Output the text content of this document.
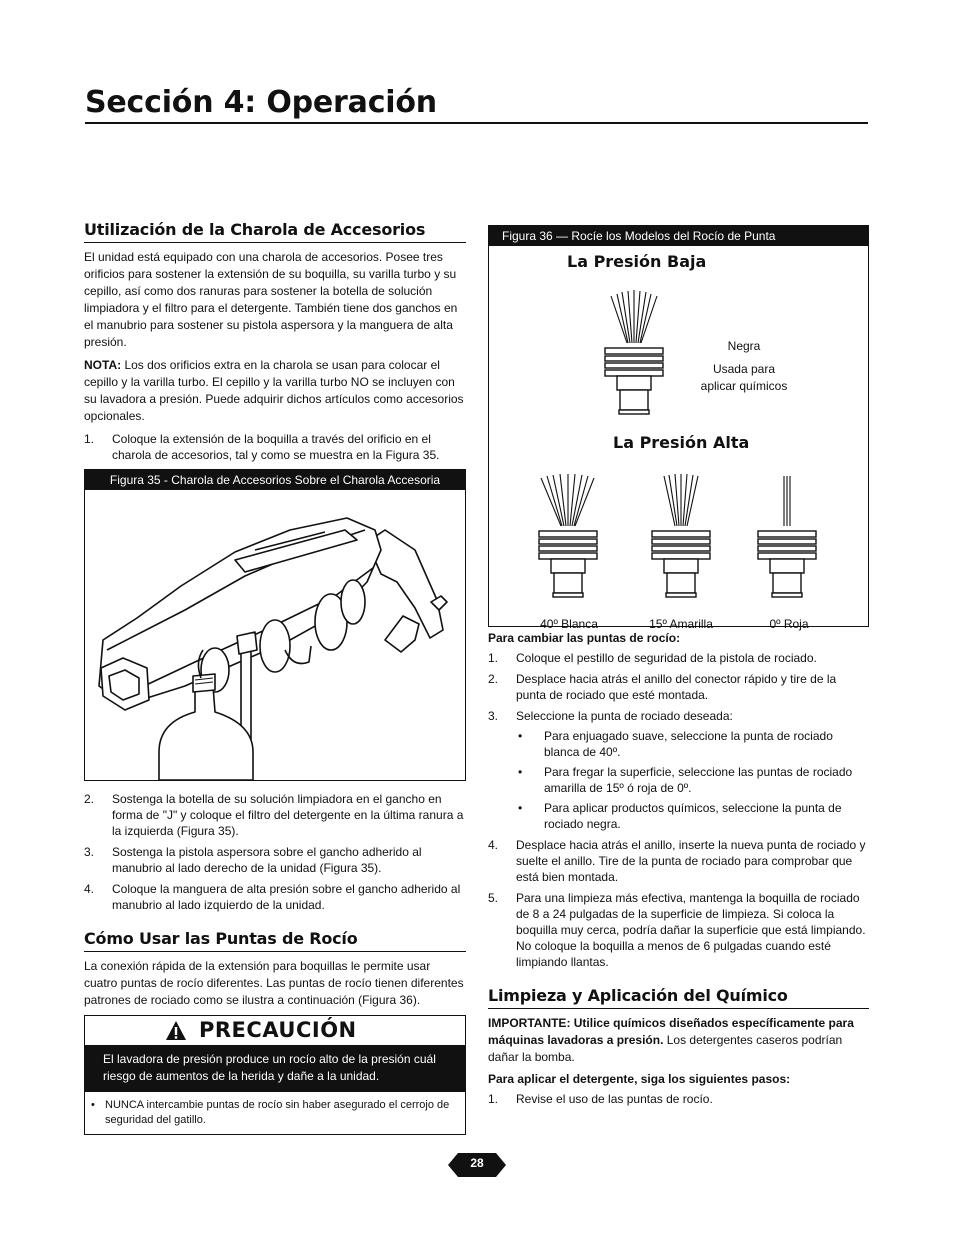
Sección 4: Operación
Utilización de la Charola de Accesorios

El unidad está equipado con una charola de accesorios. Posee tres orificios para sostener la extensión de su boquilla, su varilla turbo y su cepillo, así como dos ranuras para sostener la botella de solución limpiadora y el filtro para el detergente. También tiene dos ganchos en el manubrio para sostener su pistola aspersora y la manguera de alta presión.

NOTA: Los dos orificios extra en la charola se usan para colocar el cepillo y la varilla turbo. El cepillo y la varilla turbo NO se incluyen con su lavadora a presión. Puede adquirir dichos artículos como accesorios opcionales.

1. Coloque la extensión de la boquilla a través del orificio en el charola de accesorios, tal y como se muestra en la Figura 35.
Figura 35 - Charola de Accesorios Sobre el Charola Accesoria
2. Sostenga la botella de su solución limpiadora en el gancho en forma de "J" y coloque el filtro del detergente en la última ranura a la izquierda (Figura 35).
3. Sostenga la pistola aspersora sobre el gancho adherido al manubrio al lado derecho de la unidad (Figura 35).
4. Coloque la manguera de alta presión sobre el gancho adherido al manubrio al lado izquierdo de la unidad.
Cómo Usar las Puntas de Rocío

La conexión rápida de la extensión para boquillas le permite usar cuatro puntas de rocío diferentes. Las puntas de rocío tienen diferentes patrones de rociado como se ilustra a continuación (Figura 36).

PRECAUCIÓN
El lavadora de presión produce un rocío alto de la presión cuál riesgo de aumentos de la herida y dañe a la unidad.
• NUNCA intercambie puntas de rocío sin haber asegurado el cerrojo de seguridad del gatillo.
Figura 36 — Rocíe los Modelos del Rocío de Punta
La Presión Baja
Negra
Usada para
aplicar químicos
La Presión Alta
40º Blanca	15º Amarilla	0º Roja
Para cambiar las puntas de rocío:
1. Coloque el pestillo de seguridad de la pistola de rociado.
2. Desplace hacia atrás el anillo del conector rápido y tire de la punta de rociado que esté montada.
3. Seleccione la punta de rociado deseada:
• Para enjuagado suave, seleccione la punta de rociado blanca de 40º.
• Para fregar la superficie, seleccione las puntas de rociado amarilla de 15º ó roja de 0º.
• Para aplicar productos químicos, seleccione la punta de rociado negra.
4. Desplace hacia atrás el anillo, inserte la nueva punta de rociado y suelte el anillo. Tire de la punta de rociado para comprobar que está bien montada.
5. Para una limpieza más efectiva, mantenga la boquilla de rociado de 8 a 24 pulgadas de la superficie de limpieza. Si coloca la boquilla muy cerca, podría dañar la superficie que está limpiando. No coloque la boquilla a menos de 6 pulgadas cuando esté limpiando llantas.
Limpieza y Aplicación del Químico

IMPORTANTE: Utilice químicos diseñados específicamente para máquinas lavadoras a presión. Los detergentes caseros podrían dañar la bomba.

Para aplicar el detergente, siga los siguientes pasos:
1. Revise el uso de las puntas de rocío.
28
